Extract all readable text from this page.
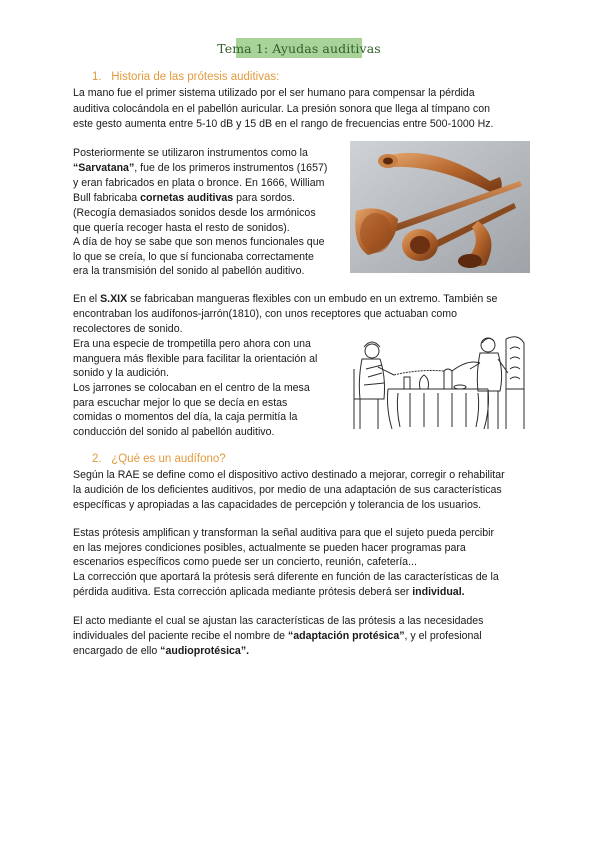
Tema 1: Ayudas auditivas
1. Historia de las prótesis auditivas:
La mano fue el primer sistema utilizado por el ser humano para compensar la pérdida
auditiva colocándola en el pabellón auricular. La presión sonora que llega al tímpano con
este gesto aumenta entre 5-10 dB y 15 dB en el rango de frecuencias entre 500-1000 Hz.
Posteriormente se utilizaron instrumentos como la
“Sarvatana”, fue de los primeros instrumentos (1657)
y eran fabricados en plata o bronce. En 1666, William
Bull fabricaba cornetas auditivas para sordos.
(Recogía demasiados sonidos desde los armónicos
que quería recoger hasta el resto de sonidos).
A día de hoy se sabe que son menos funcionales que
lo que se creía, lo que sí funcionaba correctamente
era la transmisión del sonido al pabellón auditivo.
En el S.XIX se fabricaban mangueras flexibles con un embudo en un extremo. También se
encontraban los audífonos-jarrón(1810), con unos receptores que actuaban como
recolectores de sonido.
Era una especie de trompetilla pero ahora con una
manguera más flexible para facilitar la orientación al
sonido y la audición.
Los jarrones se colocaban en el centro de la mesa
para escuchar mejor lo que se decía en estas
comidas o momentos del día, la caja permitía la
conducción del sonido al pabellón auditivo.
2. ¿Qué es un audífono?
Según la RAE se define como el dispositivo activo destinado a mejorar, corregir o rehabilitar
la audición de los deficientes auditivos, por medio de una adaptación de sus características
específicas y apropiadas a las capacidades de percepción y tolerancia de los usuarios.
Estas prótesis amplifican y transforman la señal auditiva para que el sujeto pueda percibir
en las mejores condiciones posibles, actualmente se pueden hacer programas para
escenarios específicos como puede ser un concierto, reunión, cafetería...
La corrección que aportará la prótesis será diferente en función de las características de la
pérdida auditiva. Esta corrección aplicada mediante prótesis deberá ser individual.
El acto mediante el cual se ajustan las características de las prótesis a las necesidades
individuales del paciente recibe el nombre de “adaptación protésica”, y el profesional
encargado de ello “audioprotésica”.
